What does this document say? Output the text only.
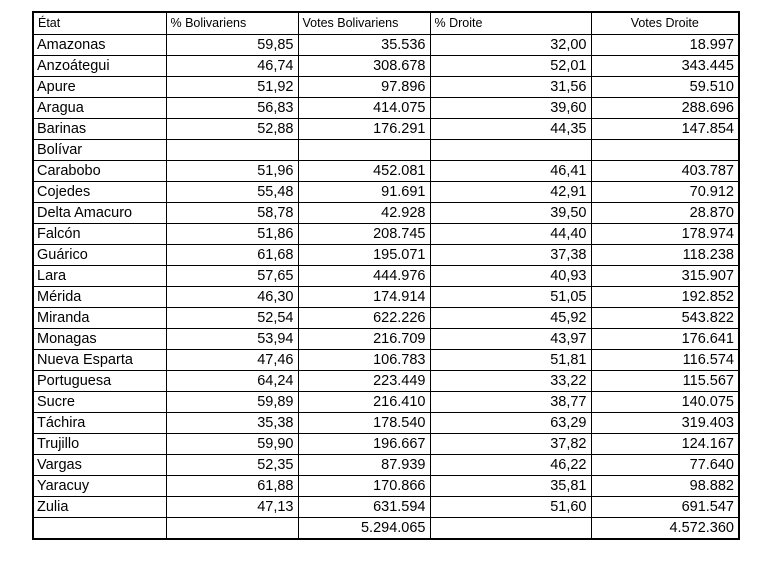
État	% Bolivariens	Votes Bolivariens	% Droite	Votes Droite
Amazonas	59,85	35.536	32,00	18.997
Anzoátegui	46,74	308.678	52,01	343.445
Apure	51,92	97.896	31,56	59.510
Aragua	56,83	414.075	39,60	288.696
Barinas	52,88	176.291	44,35	147.854
Bolívar				
Carabobo	51,96	452.081	46,41	403.787
Cojedes	55,48	91.691	42,91	70.912
Delta Amacuro	58,78	42.928	39,50	28.870
Falcón	51,86	208.745	44,40	178.974
Guárico	61,68	195.071	37,38	118.238
Lara	57,65	444.976	40,93	315.907
Mérida	46,30	174.914	51,05	192.852
Miranda	52,54	622.226	45,92	543.822
Monagas	53,94	216.709	43,97	176.641
Nueva Esparta	47,46	106.783	51,81	116.574
Portuguesa	64,24	223.449	33,22	115.567
Sucre	59,89	216.410	38,77	140.075
Táchira	35,38	178.540	63,29	319.403
Trujillo	59,90	196.667	37,82	124.167
Vargas	52,35	87.939	46,22	77.640
Yaracuy	61,88	170.866	35,81	98.882
Zulia	47,13	631.594	51,60	691.547
		5.294.065		4.572.360
